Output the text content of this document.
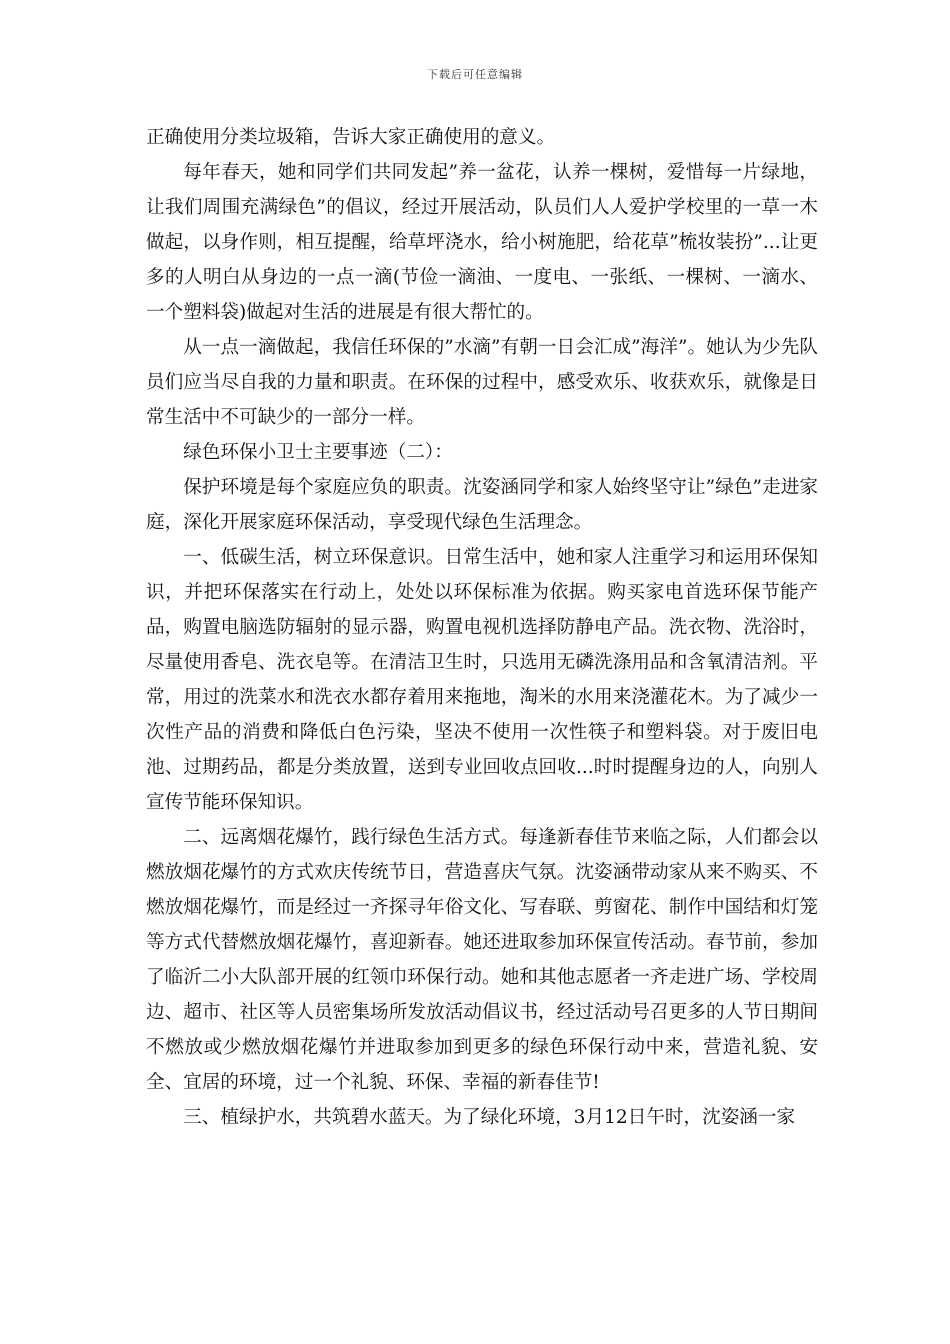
下载后可任意编辑

正确使用分类垃圾箱，告诉大家正确使用的意义。

每年春天，她和同学们共同发起”养一盆花，认养一棵树，爱惜每一片绿地，让我们周围充满绿色”的倡议，经过开展活动，队员们人人爱护学校里的一草一木做起，以身作则，相互提醒，给草坪浇水，给小树施肥，给花草”梳妆装扮”...让更多的人明白从身边的一点一滴(节俭一滴油、一度电、一张纸、一棵树、一滴水、一个塑料袋)做起对生活的进展是有很大帮忙的。

从一点一滴做起，我信任环保的”水滴”有朝一日会汇成”海洋”。她认为少先队员们应当尽自我的力量和职责。在环保的过程中，感受欢乐、收获欢乐，就像是日常生活中不可缺少的一部分一样。

绿色环保小卫士主要事迹（二）：

保护环境是每个家庭应负的职责。沈姿涵同学和家人始终坚守让”绿色”走进家庭，深化开展家庭环保活动，享受现代绿色生活理念。

一、低碳生活，树立环保意识。日常生活中，她和家人注重学习和运用环保知识，并把环保落实在行动上，处处以环保标准为依据。购买家电首选环保节能产品，购置电脑选防辐射的显示器，购置电视机选择防静电产品。洗衣物、洗浴时，尽量使用香皂、洗衣皂等。在清洁卫生时，只选用无磷洗涤用品和含氧清洁剂。平常，用过的洗菜水和洗衣水都存着用来拖地，淘米的水用来浇灌花木。为了减少一次性产品的消费和降低白色污染，坚决不使用一次性筷子和塑料袋。对于废旧电池、过期药品，都是分类放置，送到专业回收点回收...时时提醒身边的人，向别人宣传节能环保知识。

二、远离烟花爆竹，践行绿色生活方式。每逢新春佳节来临之际，人们都会以燃放烟花爆竹的方式欢庆传统节日，营造喜庆气氛。沈姿涵带动家从来不购买、不燃放烟花爆竹，而是经过一齐探寻年俗文化、写春联、剪窗花、制作中国结和灯笼等方式代替燃放烟花爆竹，喜迎新春。她还进取参加环保宣传活动。春节前，参加了临沂二小大队部开展的红领巾环保行动。她和其他志愿者一齐走进广场、学校周边、超市、社区等人员密集场所发放活动倡议书，经过活动号召更多的人节日期间不燃放或少燃放烟花爆竹并进取参加到更多的绿色环保行动中来，营造礼貌、安全、宜居的环境，过一个礼貌、环保、幸福的新春佳节!

三、植绿护水，共筑碧水蓝天。为了绿化环境，3月12日午时，沈姿涵一家
